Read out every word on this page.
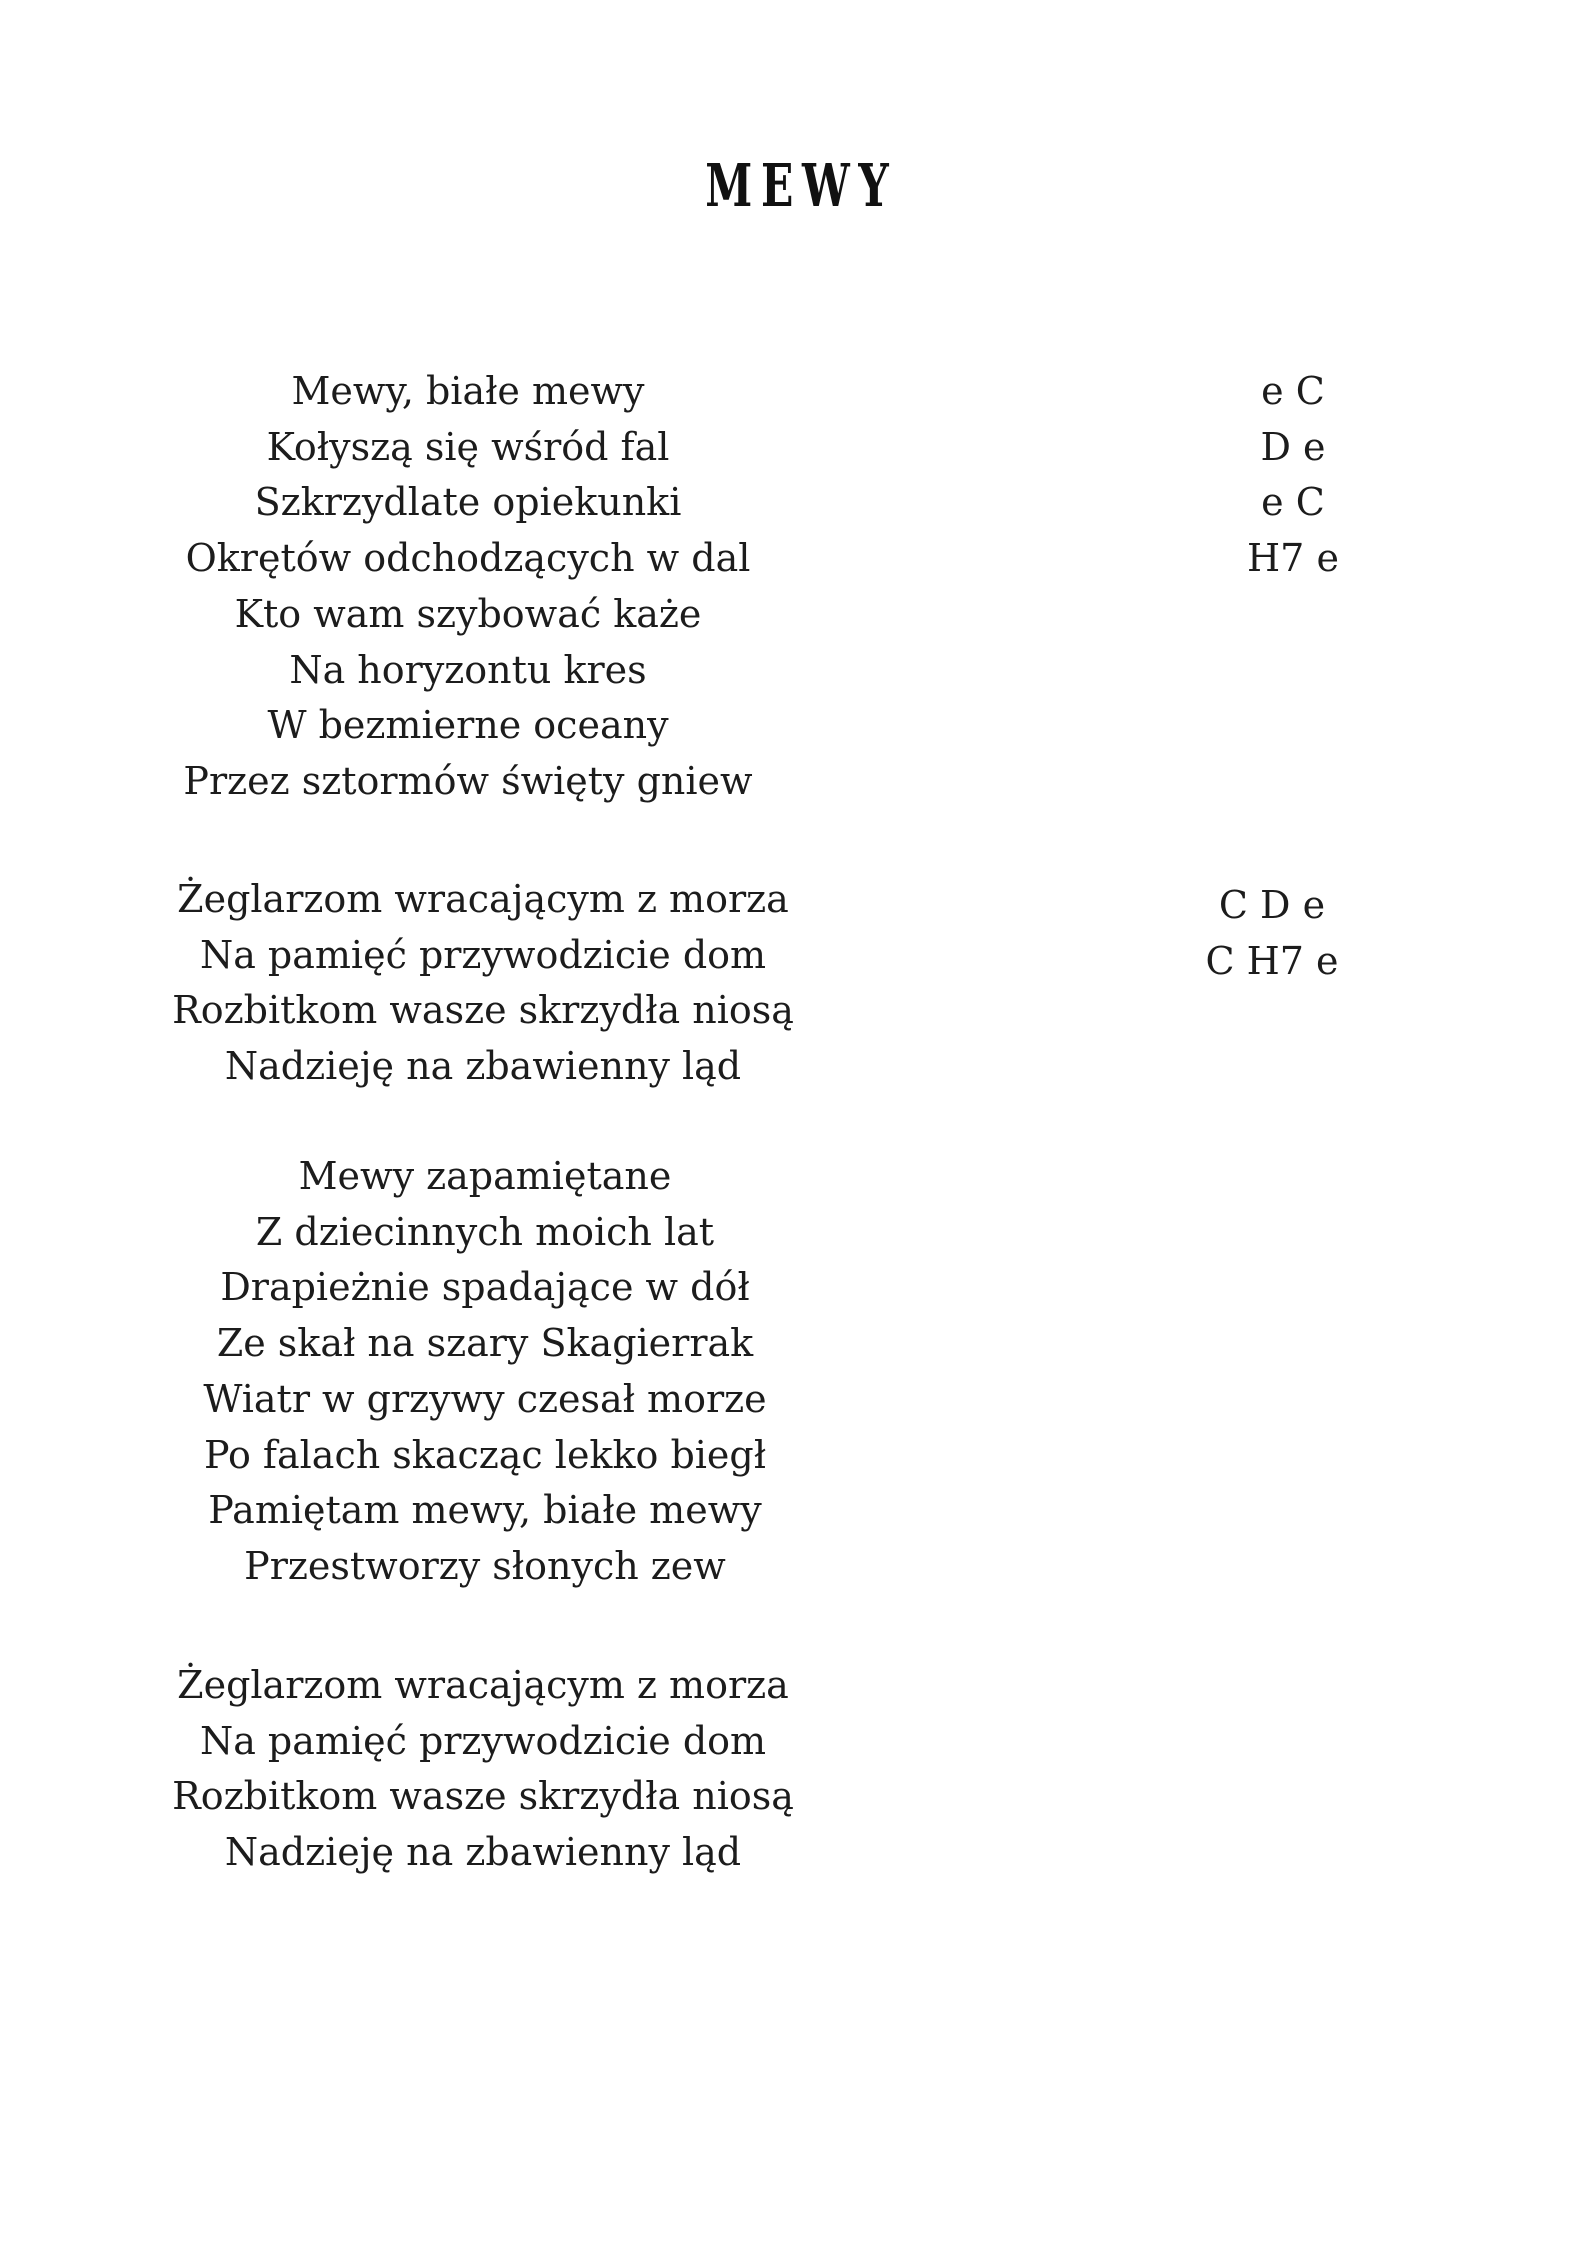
MEWY
Mewy, białe mewy
Kołyszą się wśród fal
Szkrzydlate opiekunki
Okrętów odchodzących w dal
Kto wam szybować każe
Na horyzontu kres
W bezmierne oceany
Przez sztormów święty gniew
Żeglarzom wracającym z morza
Na pamięć przywodzicie dom
Rozbitkom wasze skrzydła niosą
Nadzieję na zbawienny ląd
Mewy zapamiętane
Z dziecinnych moich lat
Drapieżnie spadające w dół
Ze skał na szary Skagierrak
Wiatr w grzywy czesał morze
Po falach skacząc lekko biegł
Pamiętam mewy, białe mewy
Przestworzy słonych zew
Żeglarzom wracającym z morza
Na pamięć przywodzicie dom
Rozbitkom wasze skrzydła niosą
Nadzieję na zbawienny ląd
e C
D e
e C
H7 e
C D e
C H7 e
